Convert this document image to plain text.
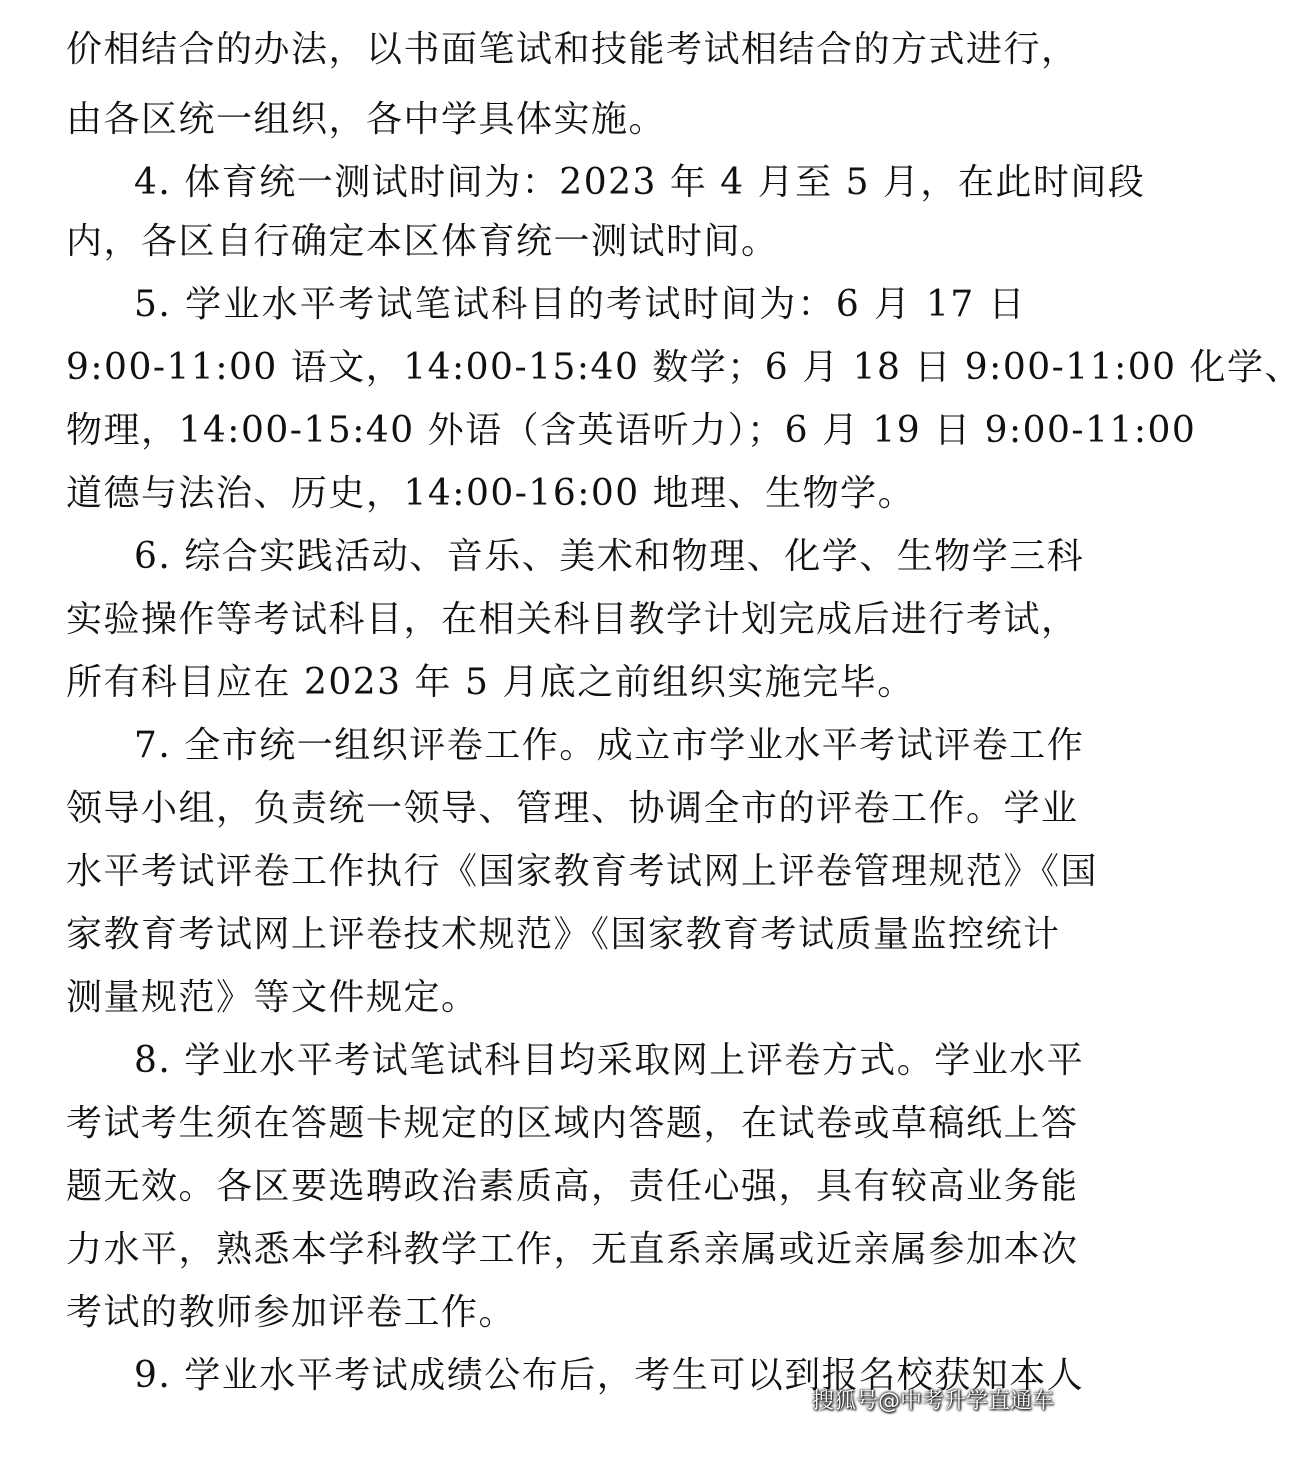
价相结合的办法，以书面笔试和技能考试相结合的方式进行，
由各区统一组织，各中学具体实施。
4. 体育统一测试时间为：2023 年 4 月至 5 月，在此时间段
内，各区自行确定本区体育统一测试时间。
5. 学业水平考试笔试科目的考试时间为：6 月 17 日
9:00-11:00 语文，14:00-15:40 数学；6 月 18 日 9:00-11:00 化学、
物理，14:00-15:40 外语（含英语听力）；6 月 19 日 9:00-11:00
道德与法治、历史，14:00-16:00 地理、生物学。
6. 综合实践活动、音乐、美术和物理、化学、生物学三科
实验操作等考试科目，在相关科目教学计划完成后进行考试，
所有科目应在 2023 年 5 月底之前组织实施完毕。
7. 全市统一组织评卷工作。成立市学业水平考试评卷工作
领导小组，负责统一领导、管理、协调全市的评卷工作。学业
水平考试评卷工作执行《国家教育考试网上评卷管理规范》《国
家教育考试网上评卷技术规范》《国家教育考试质量监控统计
测量规范》等文件规定。
8. 学业水平考试笔试科目均采取网上评卷方式。学业水平
考试考生须在答题卡规定的区域内答题，在试卷或草稿纸上答
题无效。各区要选聘政治素质高，责任心强，具有较高业务能
力水平，熟悉本学科教学工作，无直系亲属或近亲属参加本次
考试的教师参加评卷工作。
9. 学业水平考试成绩公布后，考生可以到报名校获知本人
搜狐号@中考升学直通车
